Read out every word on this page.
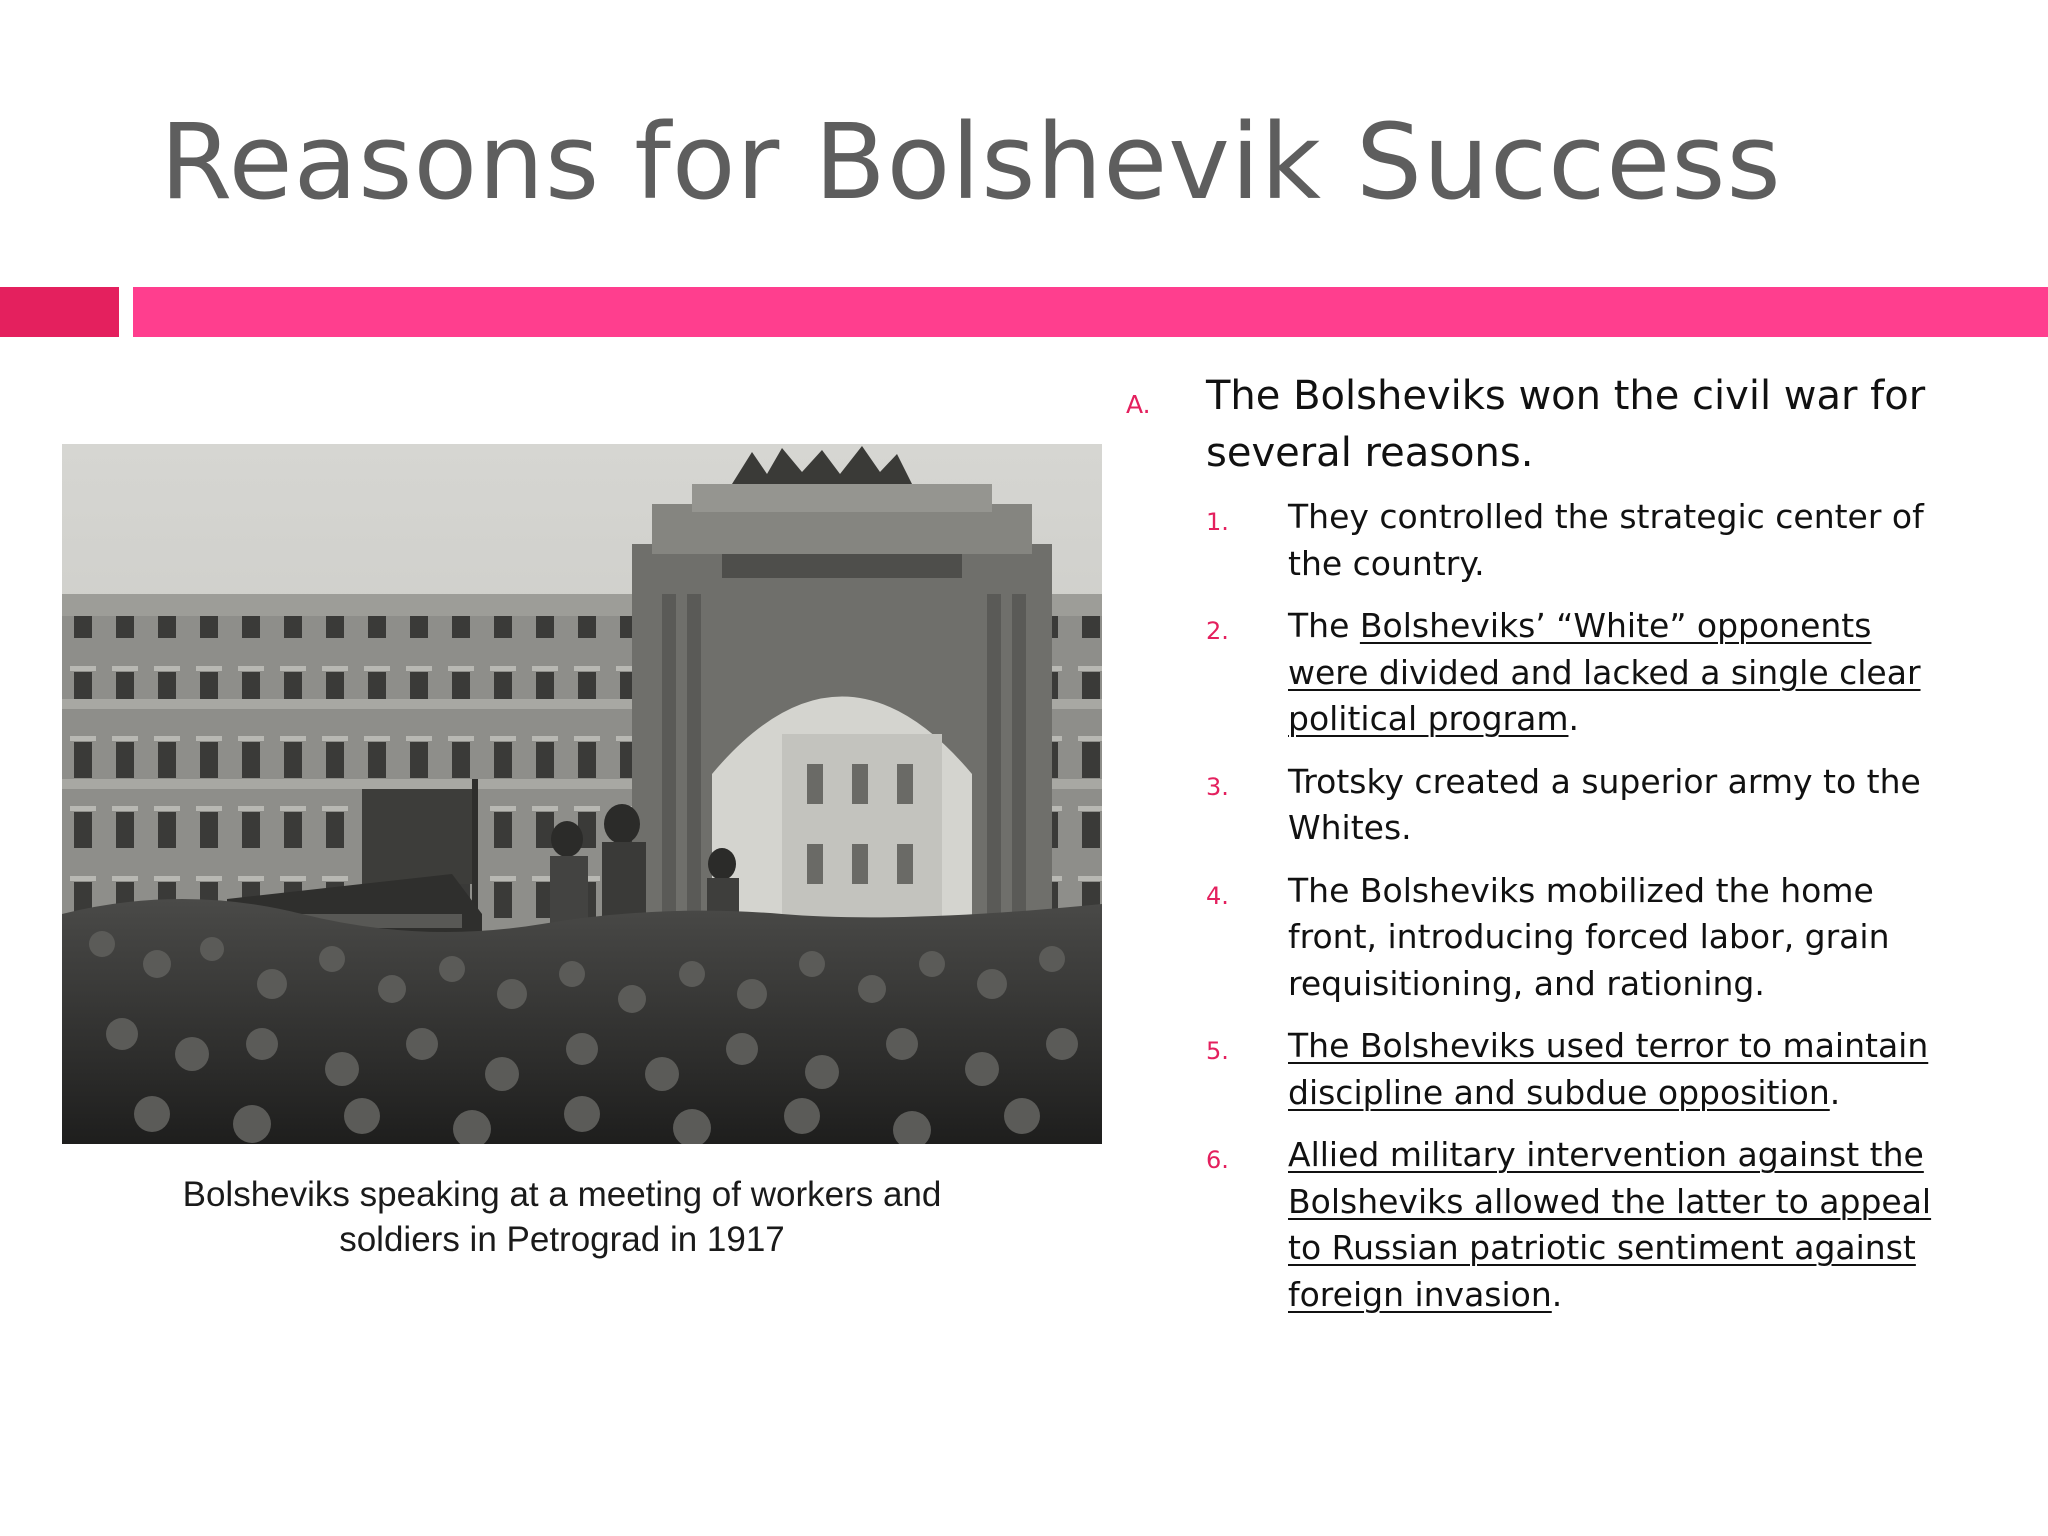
Reasons for Bolshevik Success
Bolsheviks speaking at a meeting of workers and
soldiers in Petrograd in 1917
A.	The Bolsheviks won the civil war for several reasons.
1.	They controlled the strategic center of the country.
2.	The Bolsheviks’ “White” opponents were divided and lacked a single clear political program.
3.	Trotsky created a superior army to the Whites.
4.	The Bolsheviks mobilized the home front, introducing forced labor, grain requisitioning, and rationing.
5.	The Bolsheviks used terror to maintain discipline and subdue opposition.
6.	Allied military intervention against the Bolsheviks allowed the latter to appeal to Russian patriotic sentiment against foreign invasion.
